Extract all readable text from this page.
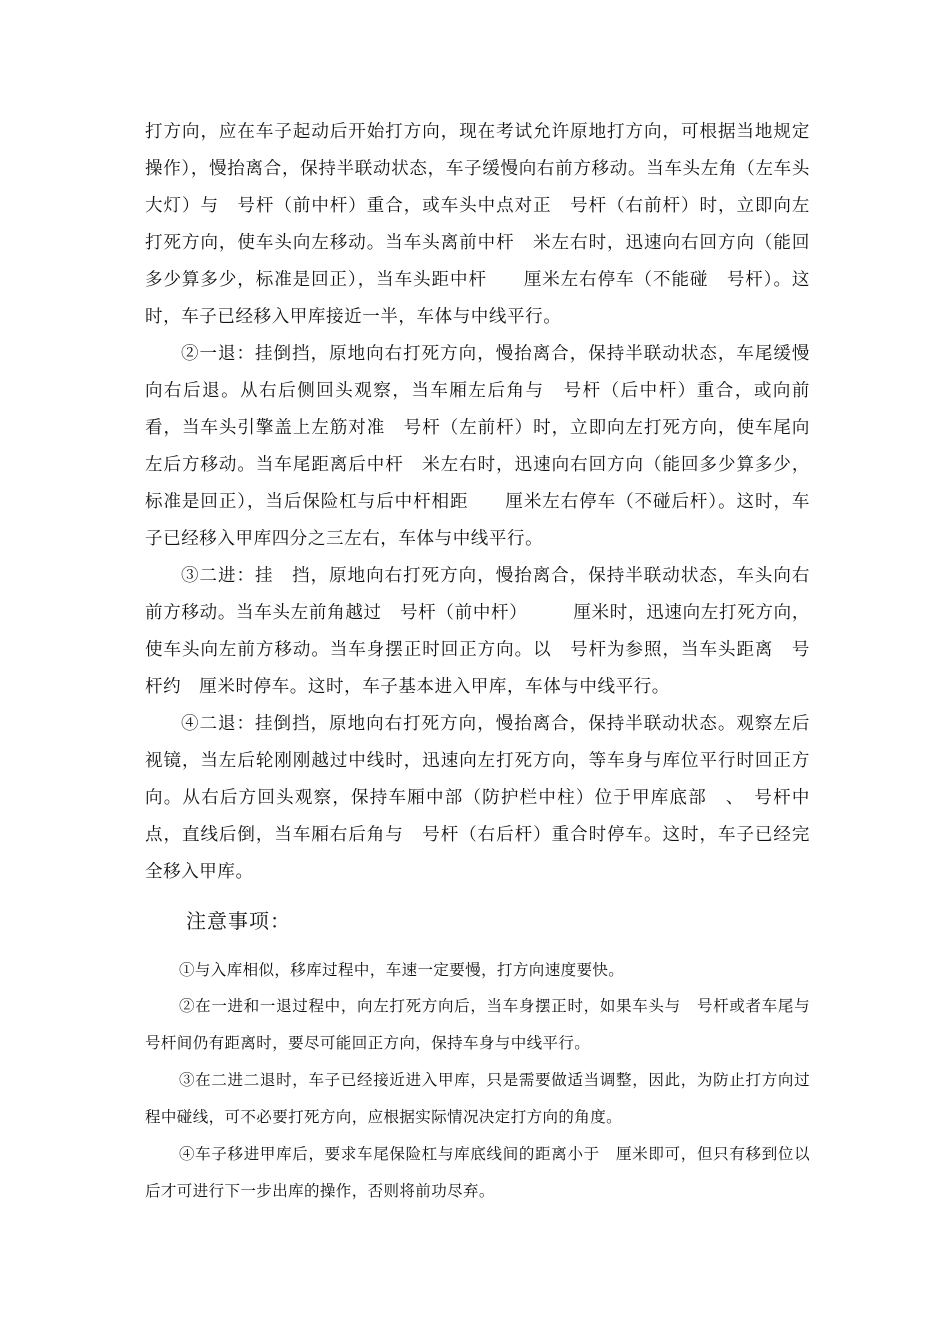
打方向，应在车子起动后开始打方向，现在考试允许原地打方向，可根据当地规定操作），慢抬离合，保持半联动状态，车子缓慢向右前方移动。当车头左角（左车头大灯）与　号杆（前中杆）重合，或车头中点对正　号杆（右前杆）时，立即向左打死方向，使车头向左移动。当车头离前中杆　米左右时，迅速向右回方向（能回多少算多少，标准是回正），当车头距中杆　　厘米左右停车（不能碰　号杆）。这时，车子已经移入甲库接近一半，车体与中线平行。

②一退：挂倒挡，原地向右打死方向，慢抬离合，保持半联动状态，车尾缓慢向右后退。从右后侧回头观察，当车厢左后角与　号杆（后中杆）重合，或向前看，当车头引擎盖上左筋对准　号杆（左前杆）时，立即向左打死方向，使车尾向左后方移动。当车尾距离后中杆　米左右时，迅速向右回方向（能回多少算多少，标准是回正），当后保险杠与后中杆相距　　厘米左右停车（不碰后杆）。这时，车子已经移入甲库四分之三左右，车体与中线平行。

③二进：挂　挡，原地向右打死方向，慢抬离合，保持半联动状态，车头向右前方移动。当车头左前角越过　号杆（前中杆）　　　厘米时，迅速向左打死方向，使车头向左前方移动。当车身摆正时回正方向。以　号杆为参照，当车头距离　号杆约　厘米时停车。这时，车子基本进入甲库，车体与中线平行。

④二退：挂倒挡，原地向右打死方向，慢抬离合，保持半联动状态。观察左后视镜，当左后轮刚刚越过中线时，迅速向左打死方向，等车身与库位平行时回正方向。从右后方回头观察，保持车厢中部（防护栏中柱）位于甲库底部　、　号杆中点，直线后倒，当车厢右后角与　号杆（右后杆）重合时停车。这时，车子已经完全移入甲库。

注意事项：

①与入库相似，移库过程中，车速一定要慢，打方向速度要快。

②在一进和一退过程中，向左打死方向后，当车身摆正时，如果车头与　号杆或者车尾与　号杆间仍有距离时，要尽可能回正方向，保持车身与中线平行。

③在二进二退时，车子已经接近进入甲库，只是需要做适当调整，因此，为防止打方向过程中碰线，可不必要打死方向，应根据实际情况决定打方向的角度。

④车子移进甲库后，要求车尾保险杠与库底线间的距离小于　厘米即可，但只有移到位以后才可进行下一步出库的操作，否则将前功尽弃。
